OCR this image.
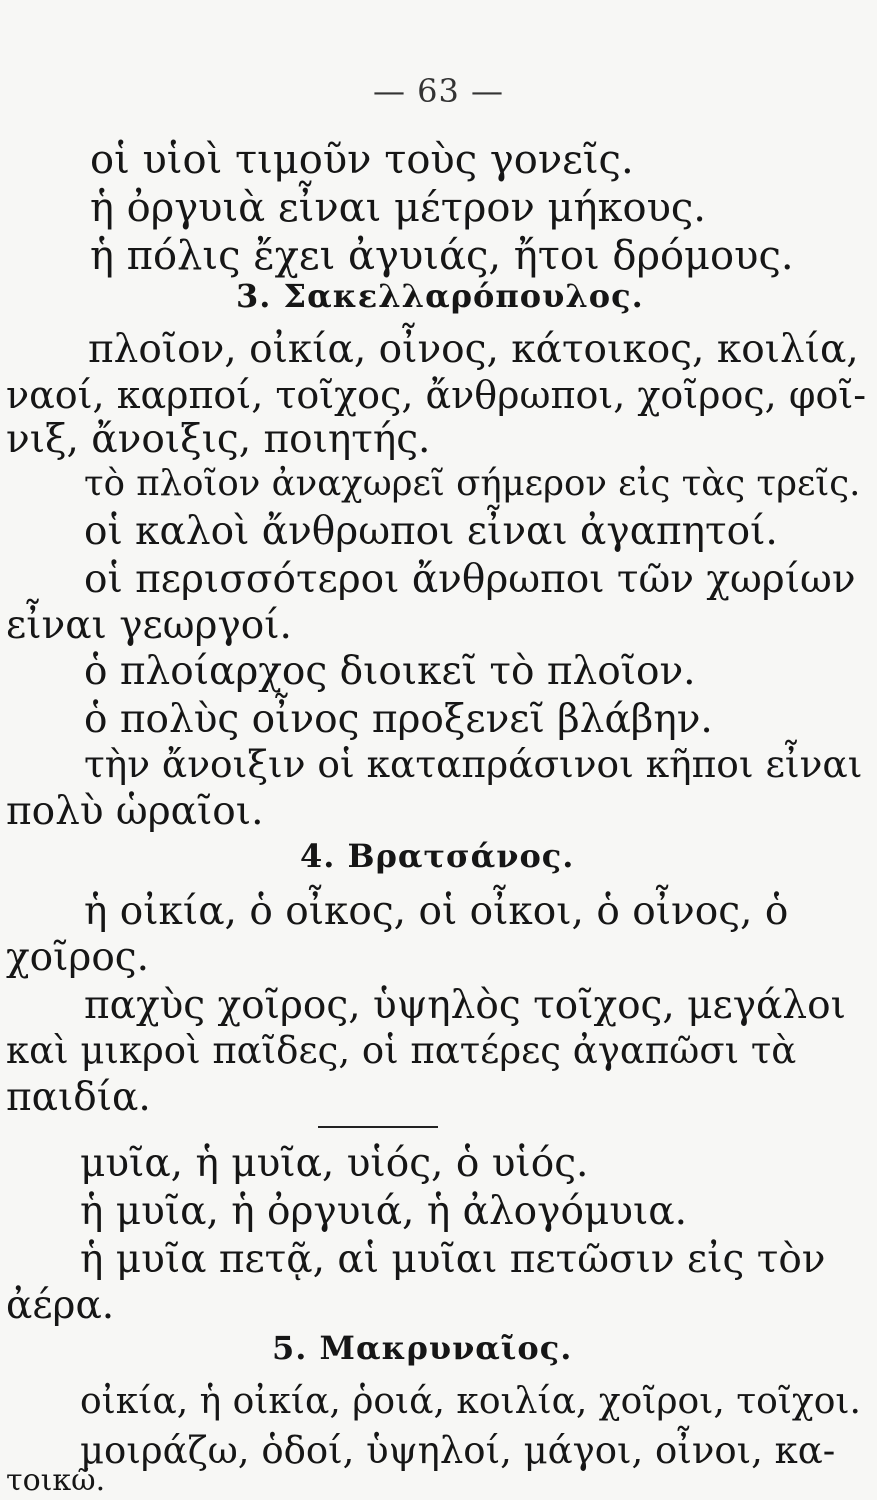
— 63 —
οἱ υἱοὶ τιμοῦν τοὺς γονεῖς.
ἡ ὀργυιὰ εἶναι μέτρον μήκους.
ἡ πόλις ἔχει ἀγυιάς, ἤτοι δρόμους.
3. Σακελλαρόπουλος.
πλοῖον, οἰκία, οἶνος, κάτοικος, κοιλία,
ναοί, καρποί, τοῖχος, ἄνθρωποι, χοῖρος, φοῖ-
νιξ, ἄνοιξις, ποιητής.
τὸ πλοῖον ἀναχωρεῖ σήμερον εἰς τὰς τρεῖς.
οἱ καλοὶ ἄνθρωποι εἶναι ἀγαπητοί.
οἱ περισσότεροι ἄνθρωποι τῶν χωρίων
εἶναι γεωργοί.
ὁ πλοίαρχος διοικεῖ τὸ πλοῖον.
ὁ πολὺς οἶνος προξενεῖ βλάβην.
τὴν ἄνοιξιν οἱ καταπράσινοι κῆποι εἶναι
πολὺ ὡραῖοι.
4. Βρατσάνος.
ἡ οἰκία, ὁ οἶκος, οἱ οἶκοι, ὁ οἶνος, ὁ
χοῖρος.
παχὺς χοῖρος, ὑψηλὸς τοῖχος, μεγάλοι
καὶ μικροὶ παῖδες, οἱ πατέρες ἀγαπῶσι τὰ
παιδία.
μυῖα, ἡ μυῖα, υἱός, ὁ υἱός.
ἡ μυῖα, ἡ ὀργυιά, ἡ ἀλογόμυια.
ἡ μυῖα πετᾷ, αἱ μυῖαι πετῶσιν εἰς τὸν
ἀέρα.
5. Μακρυναῖος.
οἰκία, ἡ οἰκία, ῥοιά, κοιλία, χοῖροι, τοῖχοι.
μοιράζω, ὁδοί, ὑψηλοί, μάγοι, οἶνοι, κα-
τοικῶ.
